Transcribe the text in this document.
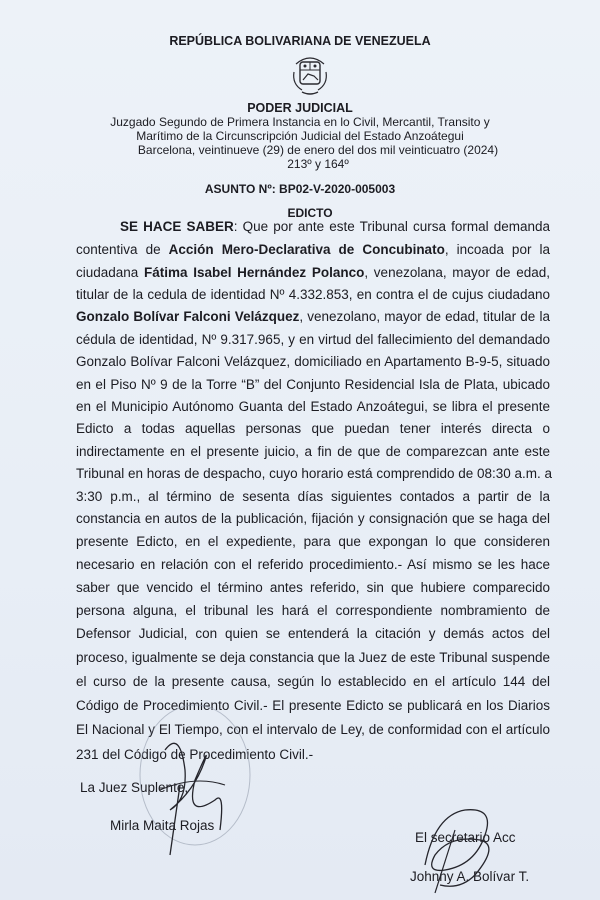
REPÚBLICA BOLIVARIANA DE VENEZUELA
PODER JUDICIAL
Juzgado Segundo de Primera Instancia en lo Civil, Mercantil, Transito y
Marítimo de la Circunscripción Judicial del Estado Anzoátegui
Barcelona, veintinueve (29) de enero del dos mil veinticuatro (2024)
213º y 164º
ASUNTO Nº: BP02-V-2020-005003
EDICTO
SE HACE SABER: Que por ante este Tribunal cursa formal demanda
contentiva de Acción Mero-Declarativa de Concubinato, incoada por la
ciudadana Fátima Isabel Hernández Polanco, venezolana, mayor de edad,
titular de la cedula de identidad Nº 4.332.853, en contra el de cujus ciudadano
Gonzalo Bolívar Falconi Velázquez, venezolano, mayor de edad, titular de la
cédula de identidad, Nº 9.317.965, y en virtud del fallecimiento del demandado
Gonzalo Bolívar Falconi Velázquez, domiciliado en Apartamento B-9-5, situado
en el Piso Nº 9 de la Torre “B” del Conjunto Residencial Isla de Plata, ubicado
en el Municipio Autónomo Guanta del Estado Anzoátegui, se libra el presente
Edicto a todas aquellas personas que puedan tener interés directa o
indirectamente en el presente juicio, a fin de que de comparezcan ante este
Tribunal en horas de despacho, cuyo horario está comprendido de 08:30 a.m. a
3:30 p.m., al término de sesenta días siguientes contados a partir de la
constancia en autos de la publicación, fijación y consignación que se haga del
presente Edicto, en el expediente, para que expongan lo que consideren
necesario en relación con el referido procedimiento.- Así mismo se les hace
saber que vencido el término antes referido, sin que hubiere comparecido
persona alguna, el tribunal les hará el correspondiente nombramiento de
Defensor Judicial, con quien se entenderá la citación y demás actos del
proceso, igualmente se deja constancia que la Juez de este Tribunal suspende
el curso de la presente causa, según lo establecido en el artículo 144 del
Código de Procedimiento Civil.- El presente Edicto se publicará en los Diarios
El Nacional y El Tiempo, con el intervalo de Ley, de conformidad con el artículo
231 del Código de Procedimiento Civil.-
La Juez Suplente,
Mirla Maita Rojas
El secretario Acc
Johnny A. Bolívar T.
